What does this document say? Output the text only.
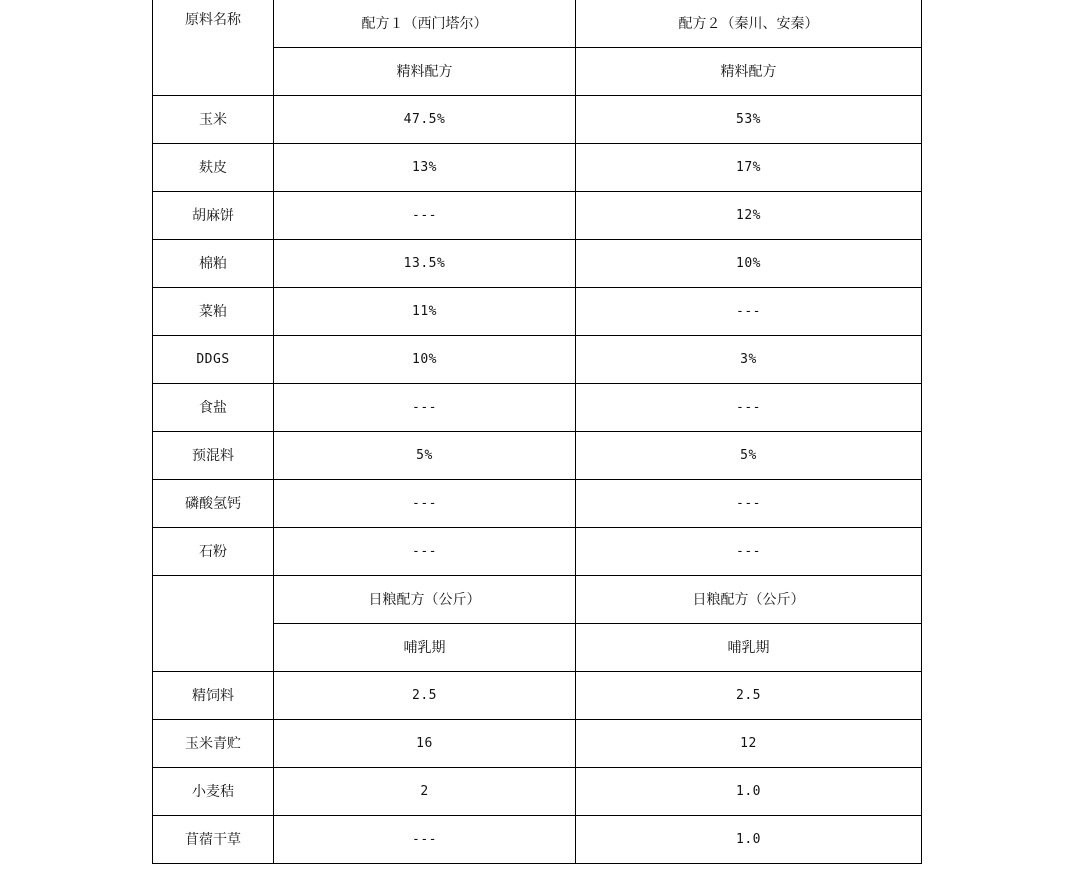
原料名称	配方１（西门塔尔）	配方２（秦川、安秦）
	精料配方	精料配方
玉米	47.5%	53%
麸皮	13%	17%
胡麻饼	---	12%
棉粕	13.5%	10%
菜粕	11%	---
DDGS	10%	3%
食盐	---	---
预混料	5%	5%
磷酸氢钙	---	---
石粉	---	---
	日粮配方（公斤）	日粮配方（公斤）
	哺乳期	哺乳期
精饲料	2.5	2.5
玉米青贮	16	12
小麦秸	2	1.0
苜蓿干草	---	1.0
